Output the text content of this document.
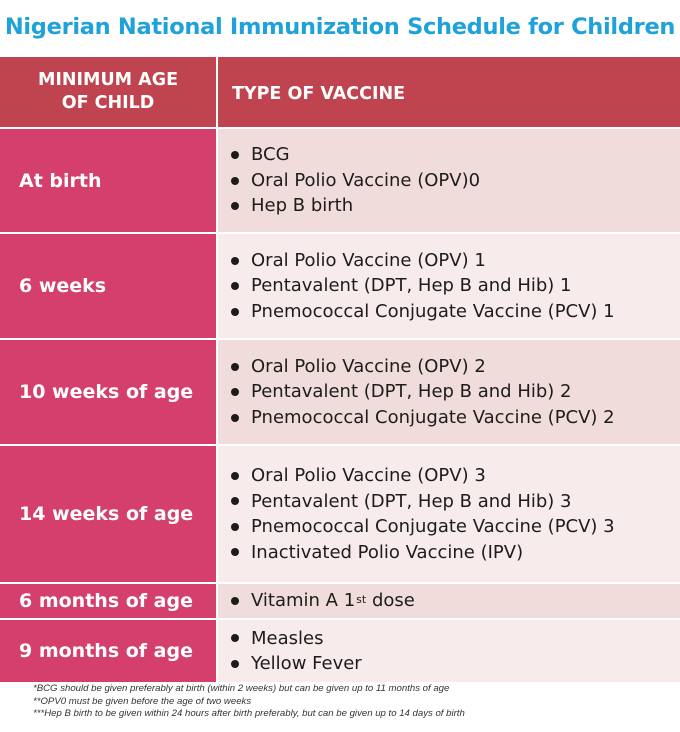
Nigerian National Immunization Schedule for Children
MINIMUM AGE
OF CHILD	TYPE OF VACCINE
At birth
BCG
Oral Polio Vaccine (OPV)0
Hep B birth
6 weeks
Oral Polio Vaccine (OPV) 1
Pentavalent (DPT, Hep B and Hib) 1
Pnemococcal Conjugate Vaccine (PCV) 1
10 weeks of age
Oral Polio Vaccine (OPV) 2
Pentavalent (DPT, Hep B and Hib) 2
Pnemococcal Conjugate Vaccine (PCV) 2
14 weeks of age
Oral Polio Vaccine (OPV) 3
Pentavalent (DPT, Hep B and Hib) 3
Pnemococcal Conjugate Vaccine (PCV) 3
Inactivated Polio Vaccine (IPV)
6 months of age	Vitamin A 1st dose
9 months of age
Measles
Yellow Fever
*BCG should be given preferably at birth (within 2 weeks) but can be given up to 11 months of age
**OPV0 must be given before the age of two weeks
***Hep B birth to be given within 24 hours after birth preferably, but can be given up to 14 days of birth
